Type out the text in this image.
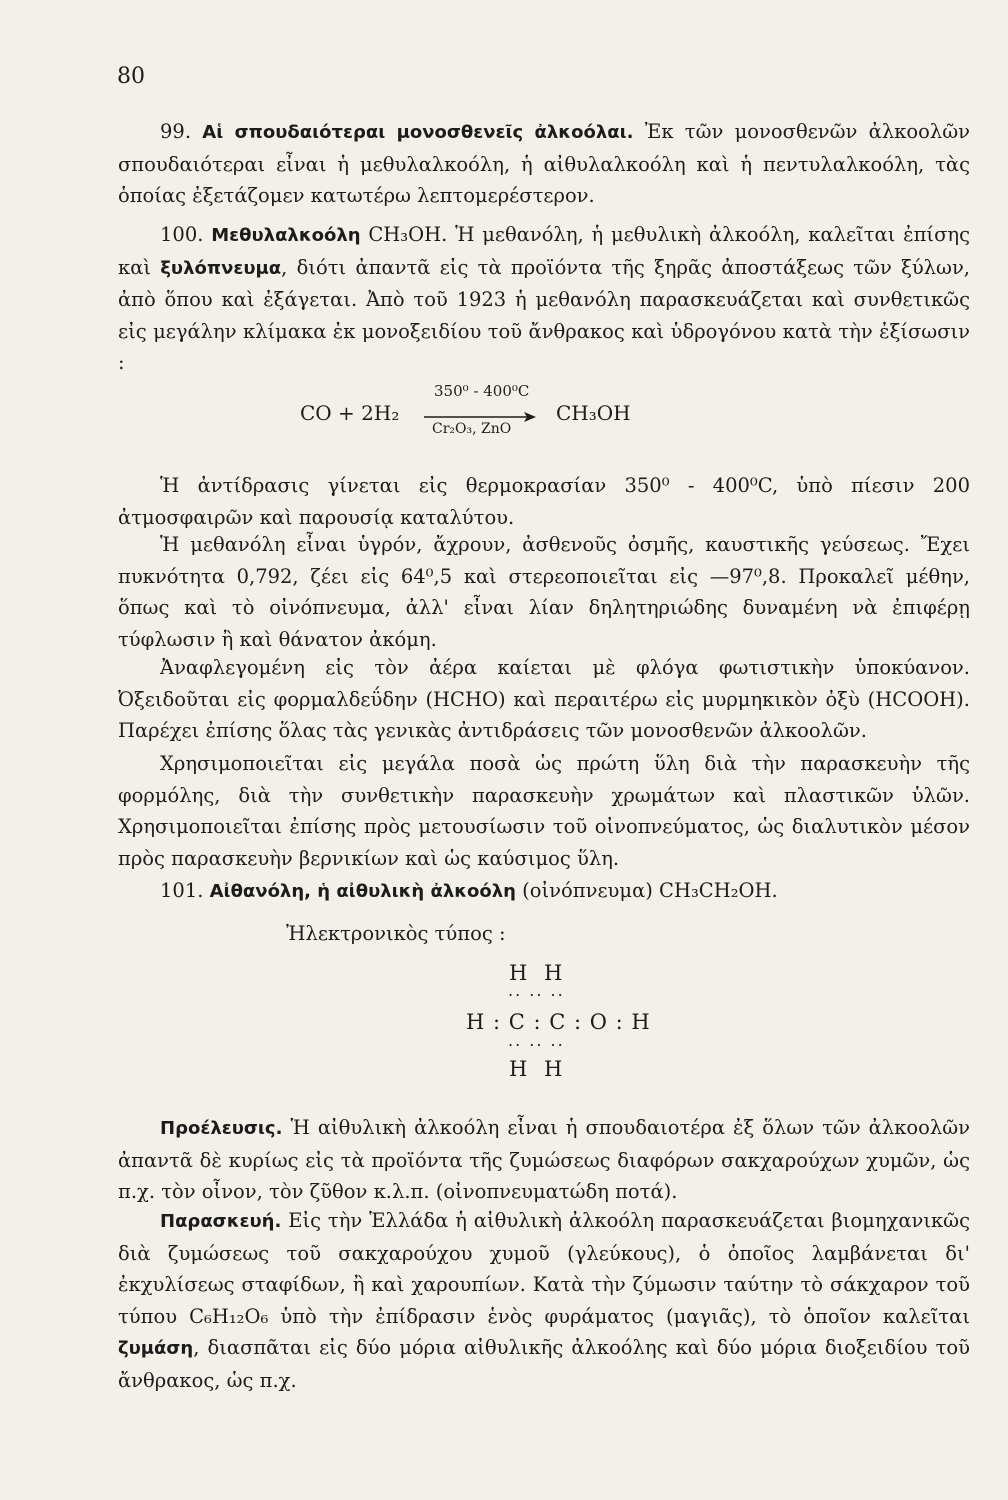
80
99. Αἱ σπουδαιότεραι μονοσθενεῖς ἀλκοόλαι. Ἐκ τῶν μονοσθενῶν ἀλκοολῶν σπουδαιότεραι εἶναι ἡ μεθυλαλκοόλη, ἡ αἰθυλαλκοόλη καὶ ἡ πεντυλαλκοόλη, τὰς ὁποίας ἐξετάζομεν κατωτέρω λεπτομερέστερον.
100. Μεθυλαλκοόλη CH₃OH. Ἡ μεθανόλη, ἡ μεθυλικὴ ἀλκοόλη, καλεῖται ἐπίσης καὶ ξυλόπνευμα, διότι ἀπαντᾶ εἰς τὰ προϊόντα τῆς ξηρᾶς ἀποστάξεως τῶν ξύλων, ἀπὸ ὅπου καὶ ἐξάγεται. Ἀπὸ τοῦ 1923 ἡ μεθανόλη παρασκευάζεται καὶ συνθετικῶς εἰς μεγάλην κλίμακα ἐκ μονοξειδίου τοῦ ἄνθρακος καὶ ὑδρογόνου κατὰ τὴν ἐξίσωσιν :
CO + 2H₂
350⁰ - 400⁰C
Cr₂O₃, ZnO
CH₃OH
Ἡ ἀντίδρασις γίνεται εἰς θερμοκρασίαν 350⁰ - 400⁰C, ὑπὸ πίεσιν 200 ἀτμοσφαιρῶν καὶ παρουσίᾳ καταλύτου.
Ἡ μεθανόλη εἶναι ὑγρόν, ἄχρουν, ἀσθενοῦς ὀσμῆς, καυστικῆς γεύσεως. Ἔχει πυκνότητα 0,792, ζέει εἰς 64⁰,5 καὶ στερεοποιεῖται εἰς —97⁰,8. Προκαλεῖ μέθην, ὅπως καὶ τὸ οἰνόπνευμα, ἀλλ' εἶναι λίαν δηλητηριώδης δυναμένη νὰ ἐπιφέρῃ τύφλωσιν ἢ καὶ θάνατον ἀκόμη.
Ἀναφλεγομένη εἰς τὸν ἀέρα καίεται μὲ φλόγα φωτιστικὴν ὑποκύανον. Ὀξειδοῦται εἰς φορμαλδεΰδην (HCHO) καὶ περαιτέρω εἰς μυρμηκικὸν ὀξὺ (HCOOH). Παρέχει ἐπίσης ὅλας τὰς γενικὰς ἀντιδράσεις τῶν μονοσθενῶν ἀλκοολῶν.
Χρησιμοποιεῖται εἰς μεγάλα ποσὰ ὡς πρώτη ὕλη διὰ τὴν παρασκευὴν τῆς φορμόλης, διὰ τὴν συνθετικὴν παρασκευὴν χρωμάτων καὶ πλαστικῶν ὑλῶν. Χρησιμοποιεῖται ἐπίσης πρὸς μετουσίωσιν τοῦ οἰνοπνεύματος, ὡς διαλυτικὸν μέσον πρὸς παρασκευὴν βερνικίων καὶ ὡς καύσιμος ὕλη.
101. Αἰθανόλη, ἡ αἰθυλικὴ ἀλκοόλη (οἰνόπνευμα) CH₃CH₂OH.
Ἠλεκτρονικὸς τύπος :
H H
.. .. ..
H : C : C : O : H
.. .. ..
H H
Προέλευσις. Ἡ αἰθυλικὴ ἀλκοόλη εἶναι ἡ σπουδαιοτέρα ἐξ ὅλων τῶν ἀλκοολῶν ἀπαντᾶ δὲ κυρίως εἰς τὰ προϊόντα τῆς ζυμώσεως διαφόρων σακχαρούχων χυμῶν, ὡς π.χ. τὸν οἶνον, τὸν ζῦθον κ.λ.π. (οἰνοπνευματώδη ποτά).
Παρασκευή. Εἰς τὴν Ἑλλάδα ἡ αἰθυλικὴ ἀλκοόλη παρασκευάζεται βιομηχανικῶς διὰ ζυμώσεως τοῦ σακχαρούχου χυμοῦ (γλεύκους), ὁ ὁποῖος λαμβάνεται δι' ἐκχυλίσεως σταφίδων, ἢ καὶ χαρουπίων. Κατὰ τὴν ζύμωσιν ταύτην τὸ σάκχαρον τοῦ τύπου C₆H₁₂O₆ ὑπὸ τὴν ἐπίδρασιν ἑνὸς φυράματος (μαγιᾶς), τὸ ὁποῖον καλεῖται ζυμάση, διασπᾶται εἰς δύο μόρια αἰθυλικῆς ἀλκοόλης καὶ δύο μόρια διοξειδίου τοῦ ἄνθρακος, ὡς π.χ.
